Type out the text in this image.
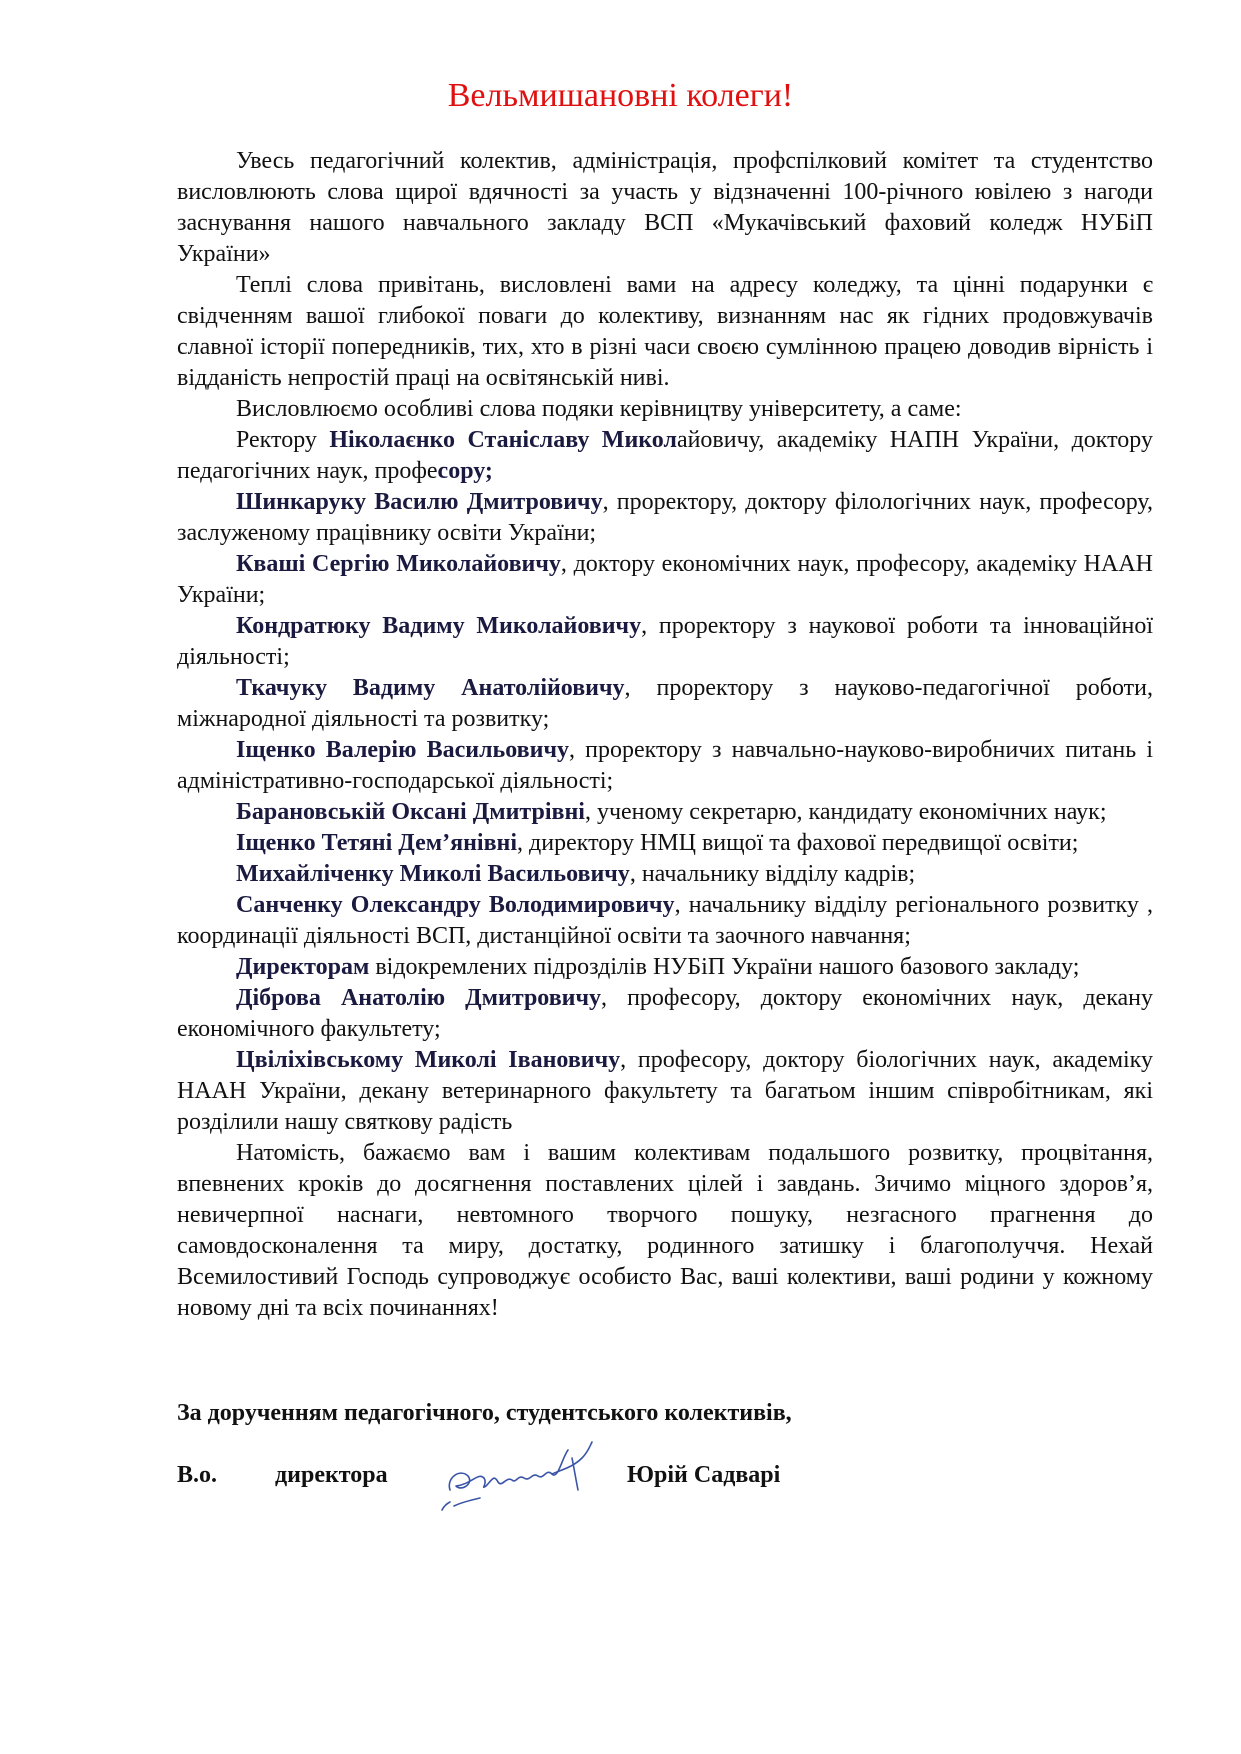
Вельмишановні колеги!

Увесь педагогічний колектив, адміністрація, профспілковий комітет та студентство висловлюють слова щирої вдячності за участь у відзначенні 100-річного ювілею з нагоди заснування нашого навчального закладу ВСП «Мукачівський фаховий коледж НУБіП України»

Теплі слова привітань, висловлені вами на адресу коледжу, та цінні подарунки є свідченням вашої глибокої поваги до колективу, визнанням нас як гідних продовжувачів славної історії попередників, тих, хто в різні часи своєю сумлінною працею доводив вірність і відданість непростій праці на освітянській ниві.

Висловлюємо особливі слова подяки керівництву університету, а саме:

Ректору Ніколаєнко Станіславу Миколайовичу, академіку НАПН України, доктору педагогічних наук, професору;

Шинкаруку Василю Дмитровичу, проректору, доктору філологічних наук, професору, заслуженому працівнику освіти України;

Кваші Сергію Миколайовичу, доктору економічних наук, професору, академіку НААН України;

Кондратюку Вадиму Миколайовичу, проректору з наукової роботи та інноваційної діяльності;

Ткачуку Вадиму Анатолійовичу, проректору з науково-педагогічної роботи, міжнародної діяльності та розвитку;

Іщенко Валерію Васильовичу, проректору з навчально-науково-виробничих питань і адміністративно-господарської діяльності;

Барановській Оксані Дмитрівні, ученому секретарю, кандидату економічних наук;

Іщенко Тетяні Дем’янівні, директору НМЦ вищої та фахової передвищої освіти;

Михайліченку Миколі Васильовичу, начальнику відділу кадрів;

Санченку Олександру Володимировичу, начальнику відділу регіонального розвитку , координації діяльності ВСП, дистанційної освіти та заочного навчання;

Директорам відокремлених підрозділів НУБіП України нашого базового закладу;

Діброва Анатолію Дмитровичу, професору, доктору економічних наук, декану економічного факультету;

Цвіліхівському Миколі Івановичу, професору, доктору біологічних наук, академіку НААН України, декану ветеринарного факультету та багатьом іншим співробітникам, які розділили нашу святкову радість

Натомість, бажаємо вам і вашим колективам подальшого розвитку, процвітання, впевнених кроків до досягнення поставлених цілей і завдань. Зичимо міцного здоров’я, невичерпної наснаги, невтомного творчого пошуку, незгасного прагнення до самовдосконалення та миру, достатку, родинного затишку і благополуччя. Нехай Всемилостивий Господь супроводжує особисто Вас, ваші колективи, ваші родини у кожному новому дні та всіх починаннях!

За дорученням педагогічного, студентського колективів,
В.о. директора	Юрій Садварі
